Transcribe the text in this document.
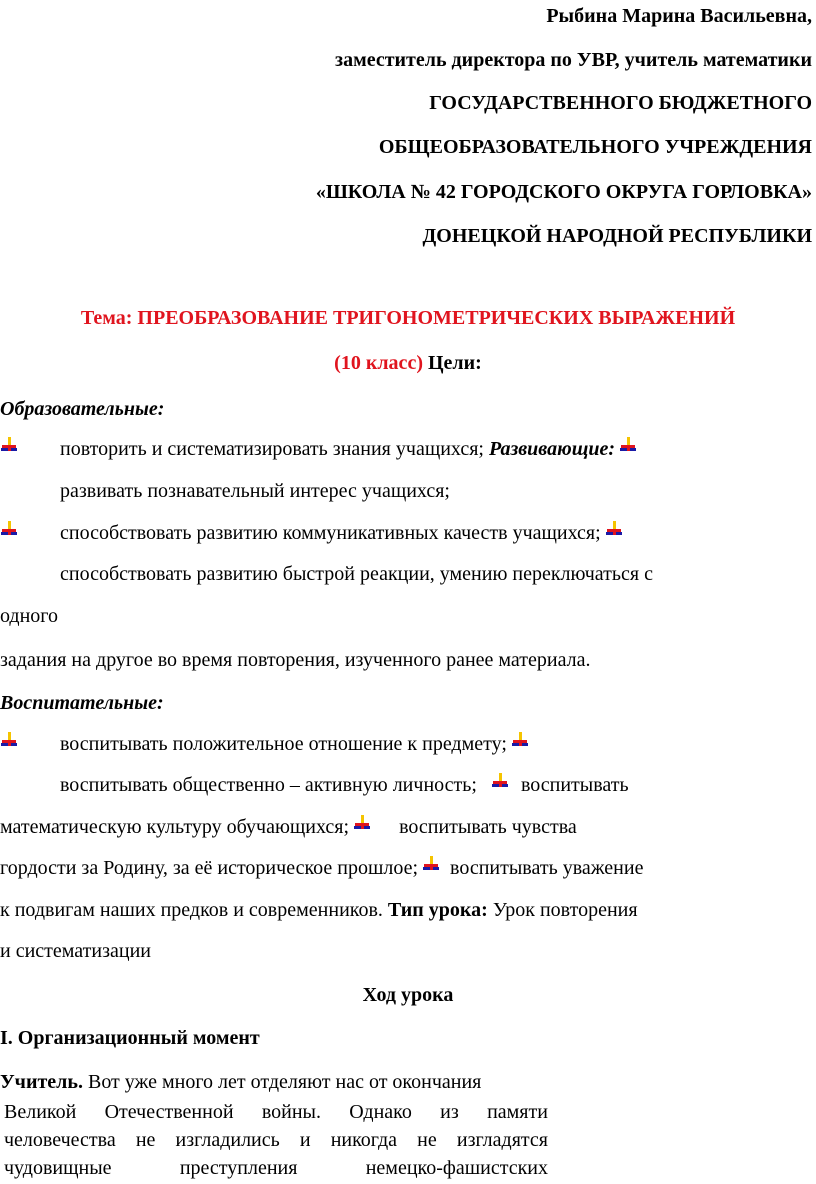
Рыбина Марина Васильевна,
заместитель директора по УВР, учитель математики
ГОСУДАРСТВЕННОГО БЮДЖЕТНОГО
ОБЩЕОБРАЗОВАТЕЛЬНОГО УЧРЕЖДЕНИЯ
«ШКОЛА № 42 ГОРОДСКОГО ОКРУГА ГОРЛОВКА»
ДОНЕЦКОЙ НАРОДНОЙ РЕСПУБЛИКИ
Тема: ПРЕОБРАЗОВАНИЕ ТРИГОНОМЕТРИЧЕСКИХ ВЫРАЖЕНИЙ
(10 класс) Цели:
Образовательные:
повторить и систематизировать знания учащихся; Развивающие:
развивать познавательный интерес учащихся;
способствовать развитию коммуникативных качеств учащихся;
способствовать развитию быстрой реакции, умению переключаться с
одного
задания на другое во время повторения, изученного ранее материала.
Воспитательные:
воспитывать положительное отношение к предмету;
воспитывать общественно – активную личность; воспитывать
математическую культуру обучающихся;	воспитывать чувства
гордости за Родину, за её историческое прошлое; воспитывать уважение
к подвигам наших предков и современников. Тип урока: Урок повторения
и систематизации
Ход урока
I. Организационный момент
Учитель. Вот уже много лет отделяют нас от окончания
Великой Отечественной войны. Однако из памяти
человечества не изгладились и никогда не изгладятся
чудовищные	преступления	немецко-фашистских
